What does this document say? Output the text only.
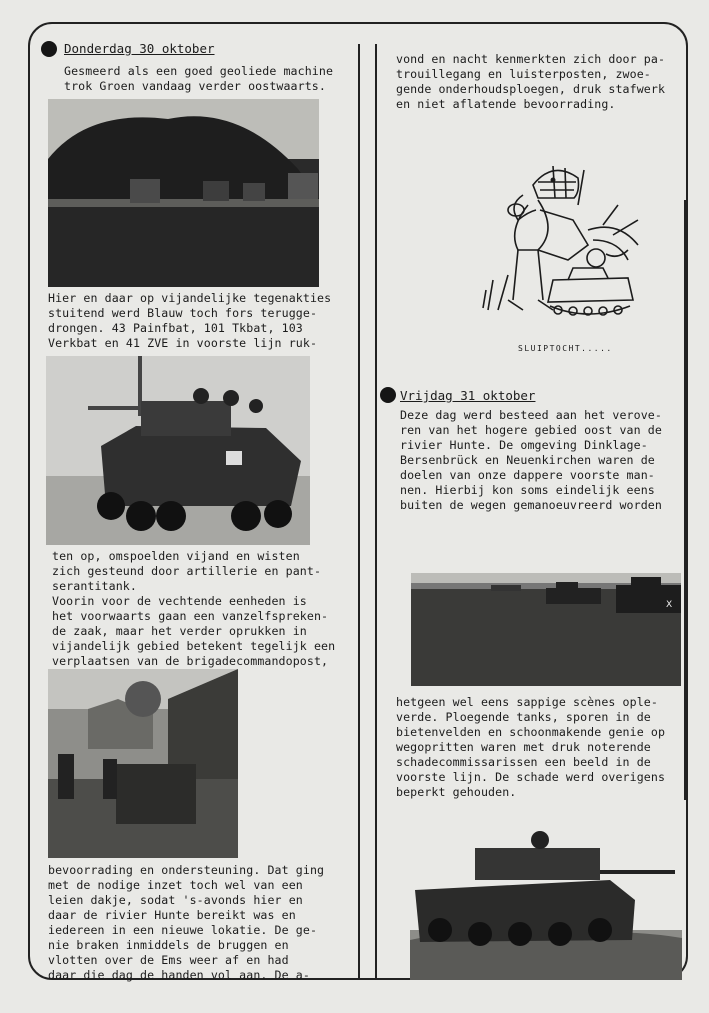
Donderdag 30 oktober
Gesmeerd als een goed geoliede machine
trok Groen vandaag verder oostwaarts.
Hier en daar op vijandelijke tegenakties
stuitend werd Blauw toch fors terugge-
drongen. 43 Painfbat, 101 Tkbat, 103
Verkbat en 41 ZVE in voorste lijn ruk-
ten op, omspoelden vijand en wisten
zich gesteund door artillerie en pant-
serantitank.
Voorin voor de vechtende eenheden is
het voorwaarts gaan een vanzelfspreken-
de zaak, maar het verder oprukken in
vijandelijk gebied betekent tegelijk een
verplaatsen van de brigadecommandopost,
bevoorrading en ondersteuning. Dat ging
met de nodige inzet toch wel van een
leien dakje, sodat 's-avonds hier en
daar de rivier Hunte bereikt was en
iedereen in een nieuwe lokatie. De ge-
nie braken inmiddels de bruggen en
vlotten over de Ems weer af en had
daar die dag de handen vol aan. De a-
vond en nacht kenmerkten zich door pa-
trouillegang en luisterposten, zwoe-
gende onderhoudsploegen, druk stafwerk
en niet aflatende bevoorrading.
SLUIPTOCHT.....
Vrijdag 31 oktober
Deze dag werd besteed aan het verove-
ren van het hogere gebied oost van de
rivier Hunte. De omgeving Dinklage-
Bersenbrück en Neuenkirchen waren de
doelen van onze dappere voorste man-
nen. Hierbij kon soms eindelijk eens
buiten de wegen gemanoeuvreerd worden
X
hetgeen wel eens sappige scènes ople-
verde. Ploegende tanks, sporen in de
bietenvelden en schoonmakende genie op
wegopritten waren met druk noterende
schadecommissarissen een beeld in de
voorste lijn. De schade werd overigens
beperkt gehouden.
